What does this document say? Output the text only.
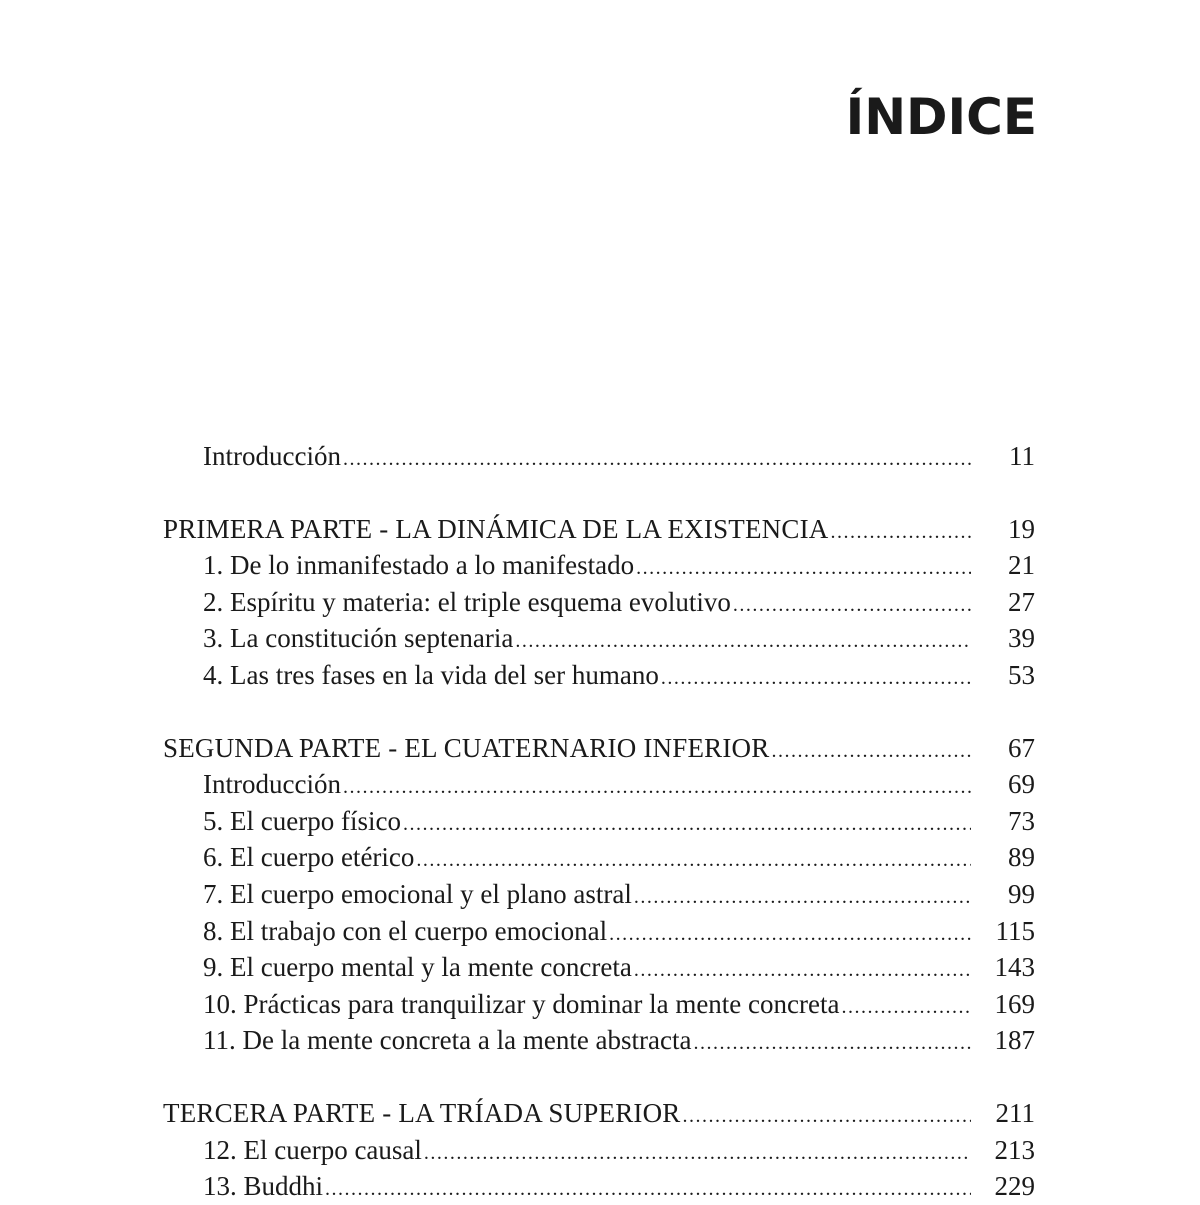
ÍNDICE
Introducción .....	11
PRIMERA PARTE - LA DINÁMICA DE LA EXISTENCIA .....	19
1. De lo inmanifestado a lo manifestado .....	21
2. Espíritu y materia: el triple esquema evolutivo .....	27
3. La constitución septenaria .....	39
4. Las tres fases en la vida del ser humano .....	53
SEGUNDA PARTE - EL CUATERNARIO INFERIOR .....	67
Introducción .....	69
5. El cuerpo físico .....	73
6. El cuerpo etérico .....	89
7. El cuerpo emocional y el plano astral .....	99
8. El trabajo con el cuerpo emocional .....	115
9. El cuerpo mental y la mente concreta .....	143
10. Prácticas para tranquilizar y dominar la mente concreta .....	169
11. De la mente concreta a la mente abstracta .....	187
TERCERA PARTE - LA TRÍADA SUPERIOR .....	211
12. El cuerpo causal .....	213
13. Buddhi .....	229
